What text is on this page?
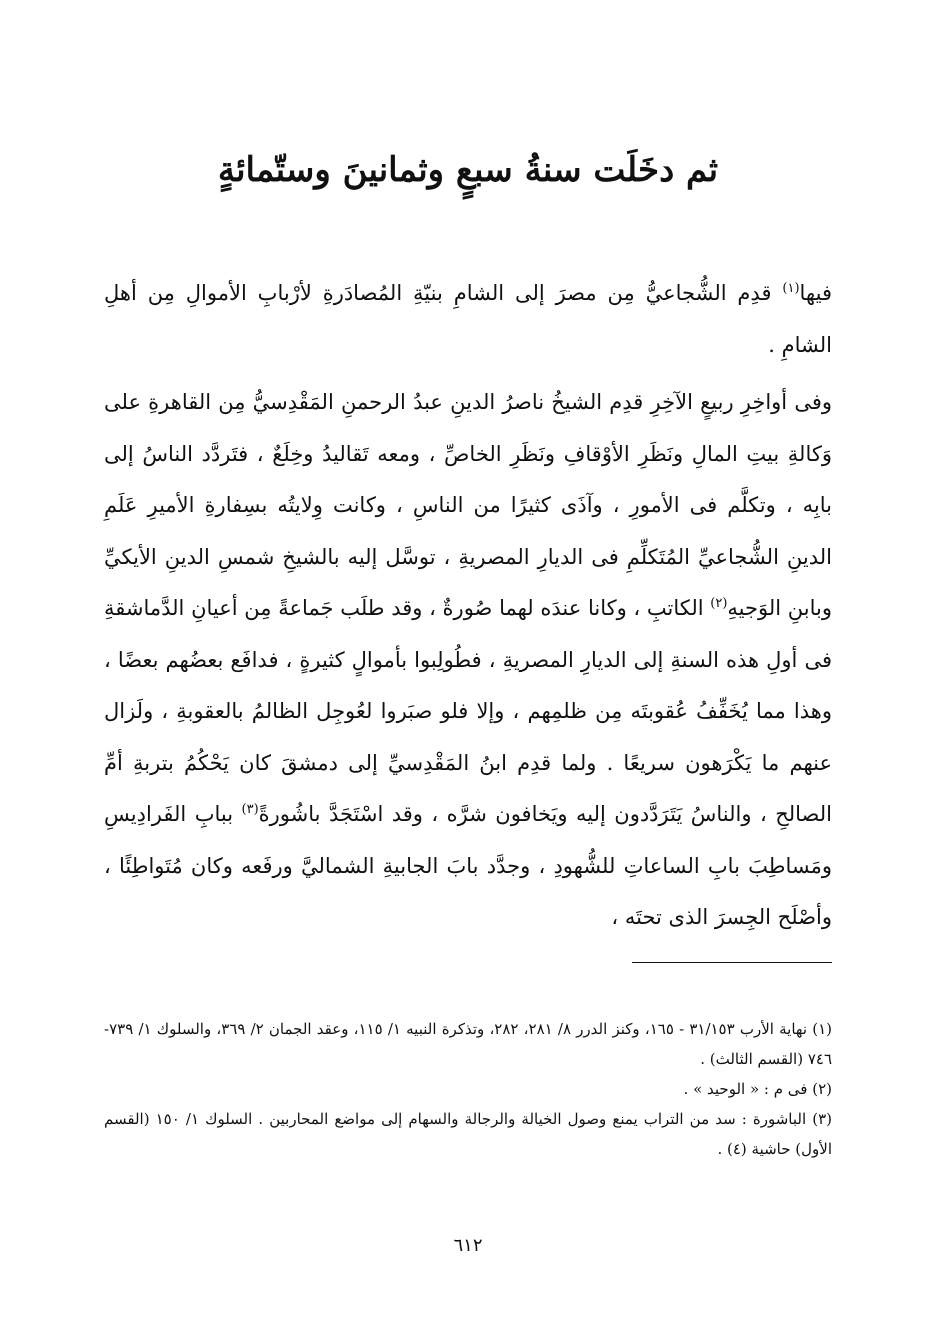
ثم دخَلَت سنةُ سبعٍ وثمانينَ وستّمائةٍ

فيها$^{(١)}$ قدِم الشُّجاعيُّ مِن مصرَ إلى الشامِ بنيّةِ المُصادَرةِ لأرْبابِ الأموالِ مِن أهلِ الشامِ .

وفى أواخِرِ ربيعٍ الآخِرِ قدِم الشيخُ ناصرُ الدينِ عبدُ الرحمنِ المَقْدِسيُّ مِن القاهرةِ على وَكالةِ بيتِ المالِ ونَظَرِ الأوْقافِ ونَظَرِ الخاصِّ ، ومعه تَقاليدُ وخِلَعٌ ، فتَردَّد الناسُ إلى بابِه ، وتكلَّم فى الأمورِ ، وآذَى كثيرًا من الناسِ ، وكانت وِلايتُه بسِفارةِ الأميرِ عَلَمِ الدينِ الشُّجاعيِّ المُتَكلِّمِ فى الديارِ المصريةِ ، توسَّل إليه بالشيخِ شمسِ الدينِ الأيكيِّ وبابنِ الوَجيهِ$^{(٢)}$ الكاتبِ ، وكانا عندَه لهما صُورةٌ ، وقد طلَب جَماعةً مِن أعيانِ الدَّماشقةِ فى أولِ هذه السنةِ إلى الديارِ المصريةِ ، فطُولِبوا بأموالٍ كثيرةٍ ، فدافَع بعضُهم بعضًا ، وهذا مما يُخَفِّفُ عُقوبتَه مِن ظلمِهم ، وإلا فلو صبَروا لعُوجِل الظالمُ بالعقوبةِ ، ولَزال عنهم ما يَكْرَهون سريعًا . ولما قدِم ابنُ المَقْدِسيِّ إلى دمشقَ كان يَحْكُمُ بتربةِ أمِّ الصالحِ ، والناسُ يَتَرَدَّدون إليه ويَخافون شرَّه ، وقد اسْتَجَدَّ باشُورةً$^{(٣)}$ ببابِ الفَرادِيسِ ومَساطِبَ بابِ الساعاتِ للشُّهودِ ، وجدَّد بابَ الجابيةِ الشماليَّ ورفَعه وكان مُتَواطِئًا ، وأصْلَح الجِسرَ الذى تحتَه ،

(١) نهاية الأرب ٣١/١٥٣ - ١٦٥، وكنز الدرر ٨/ ٢٨١، ٢٨٢، وتذكرة النبيه ١/ ١١٥، وعقد الجمان ٢/ ٣٦٩، والسلوك ١/ ٧٣٩- ٧٤٦ (القسم الثالث) .

(٢) فى م : « الوحيد » .

(٣) الباشورة : سد من التراب يمنع وصول الخيالة والرجالة والسهام إلى مواضع المحاربين . السلوك ١/ ١٥٠ (القسم الأول) حاشية (٤) .

٦١٢
